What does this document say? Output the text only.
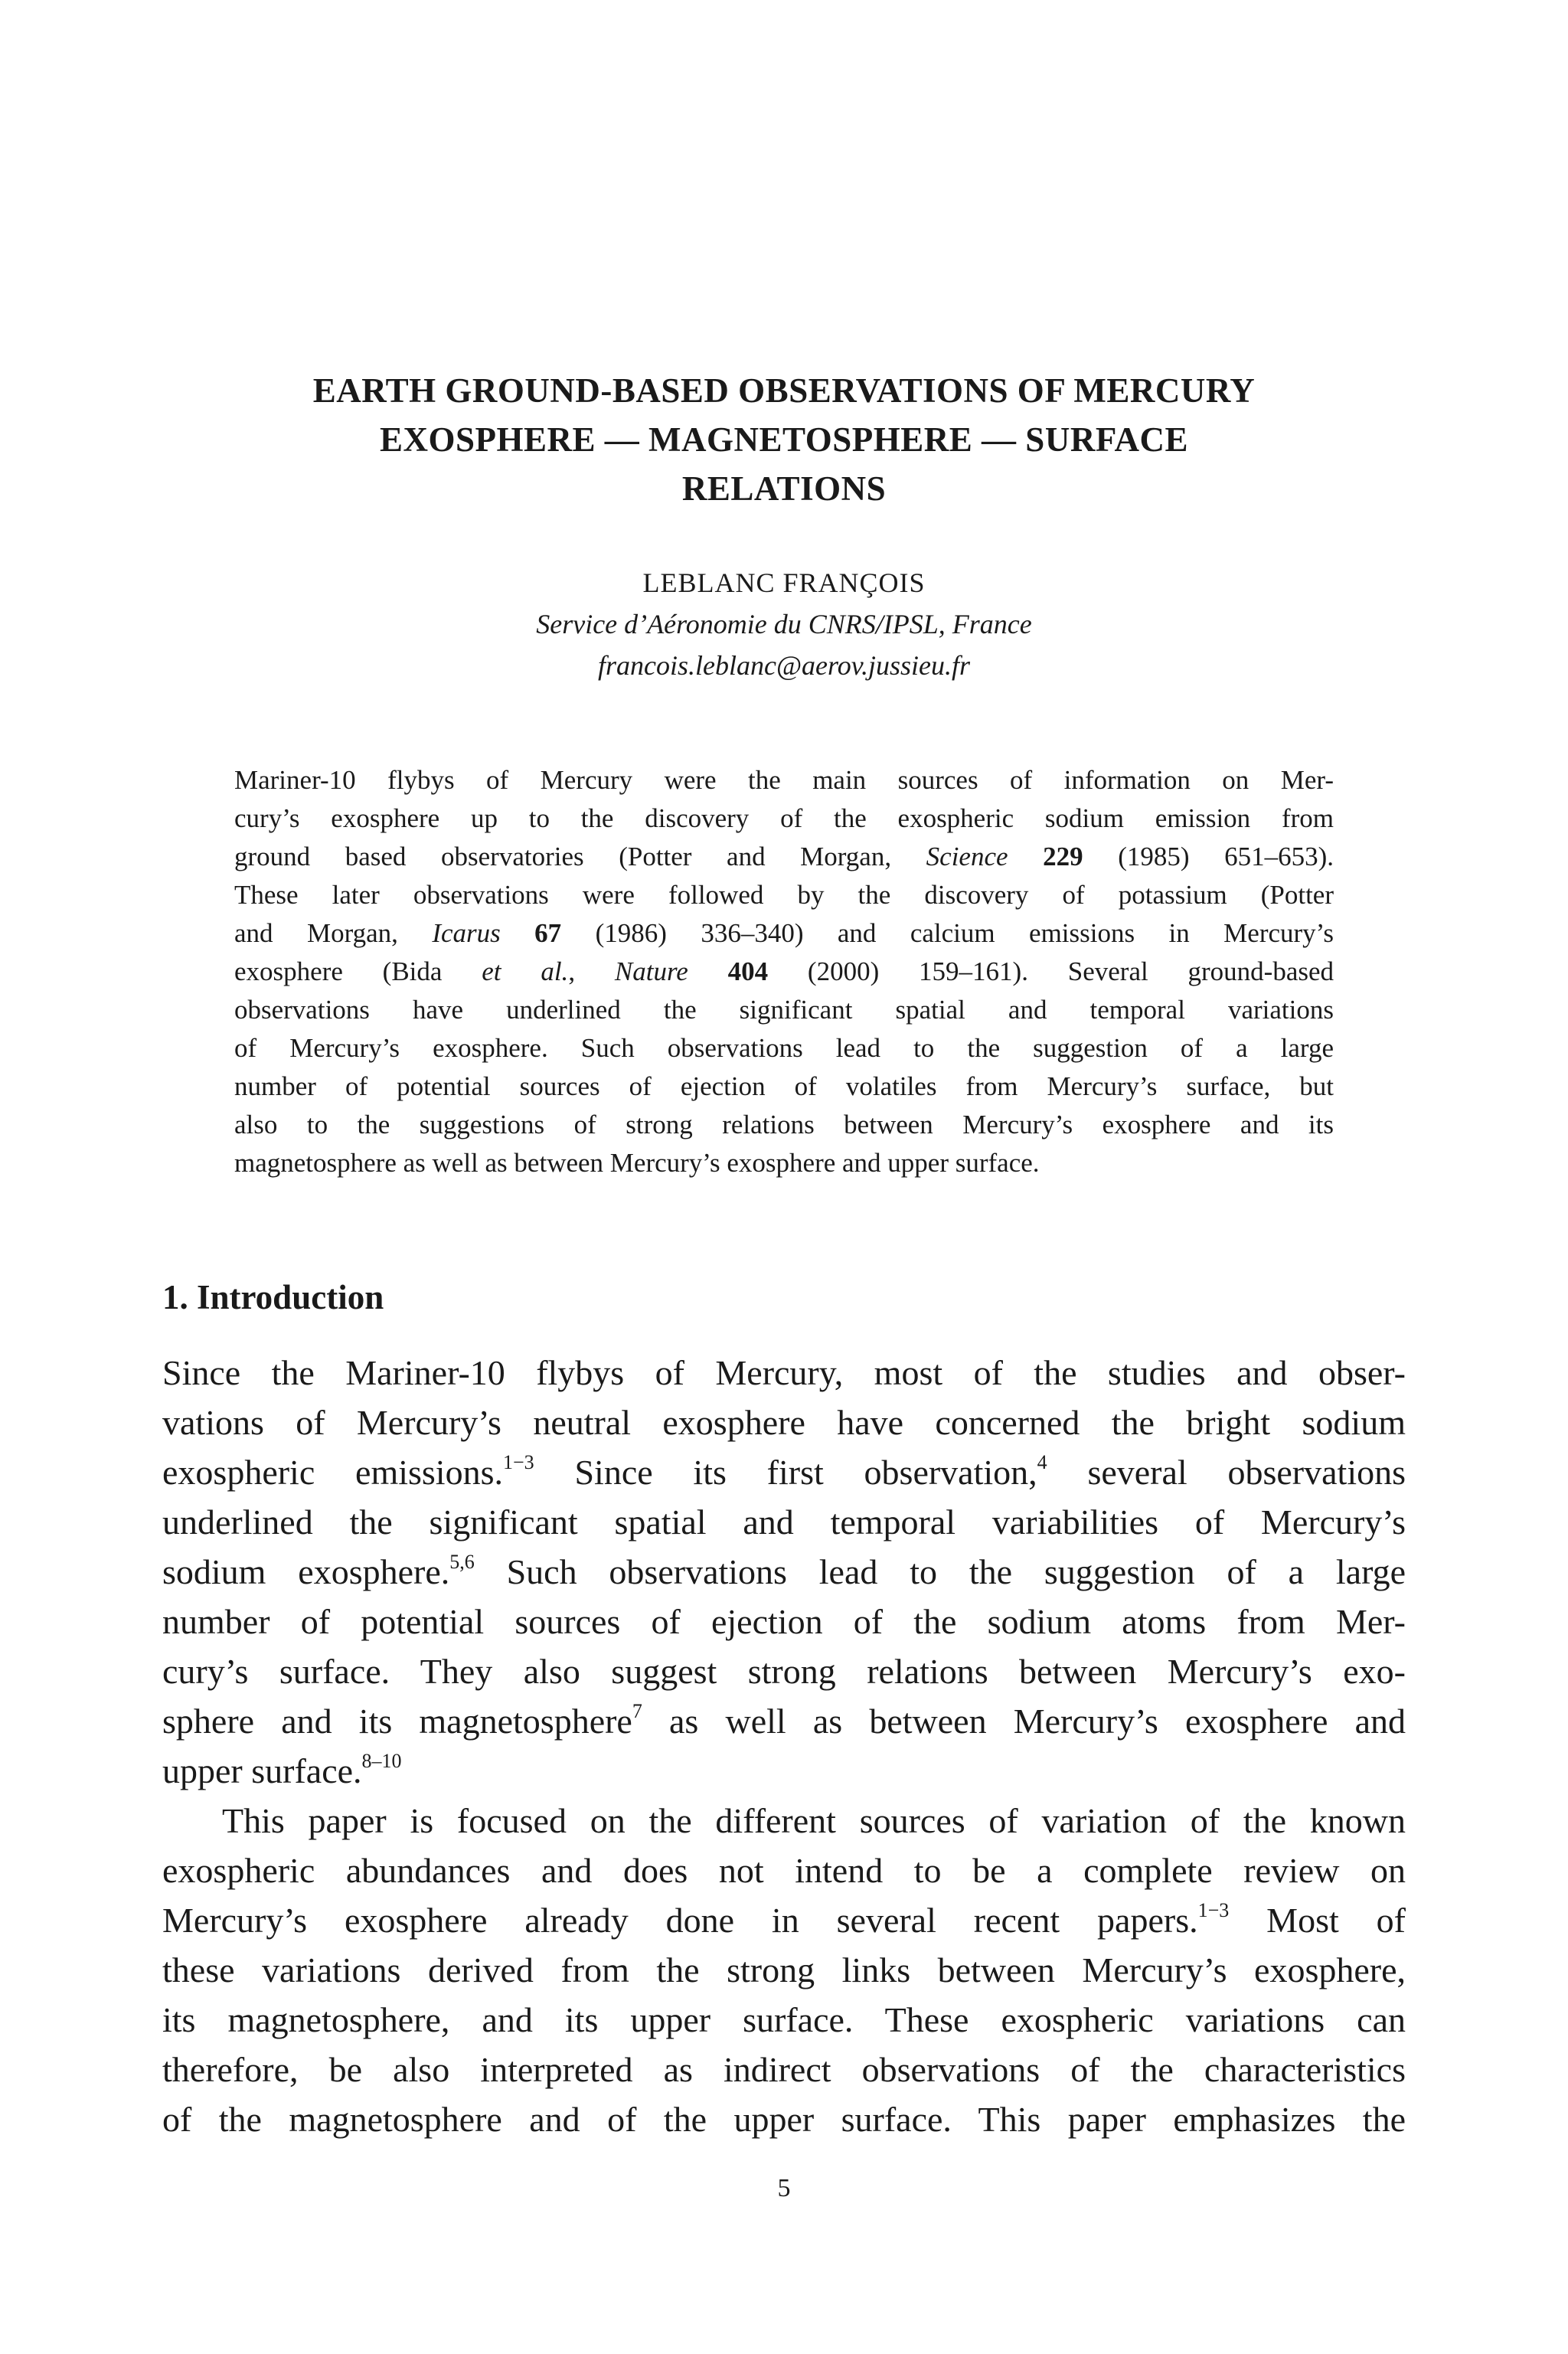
EARTH GROUND-BASED OBSERVATIONS OF MERCURY
EXOSPHERE — MAGNETOSPHERE — SURFACE
RELATIONS
LEBLANC FRANÇOIS
Service d’Aéronomie du CNRS/IPSL, France
francois.leblanc@aerov.jussieu.fr
Mariner-10 flybys of Mercury were the main sources of information on Mer-
cury’s exosphere up to the discovery of the exospheric sodium emission from
ground based observatories (Potter and Morgan, Science 229 (1985) 651–653).
These later observations were followed by the discovery of potassium (Potter
and Morgan, Icarus 67 (1986) 336–340) and calcium emissions in Mercury’s
exosphere (Bida et al., Nature 404 (2000) 159–161). Several ground-based
observations have underlined the significant spatial and temporal variations
of Mercury’s exosphere. Such observations lead to the suggestion of a large
number of potential sources of ejection of volatiles from Mercury’s surface, but
also to the suggestions of strong relations between Mercury’s exosphere and its
magnetosphere as well as between Mercury’s exosphere and upper surface.
1. Introduction
Since the Mariner-10 flybys of Mercury, most of the studies and obser-
vations of Mercury’s neutral exosphere have concerned the bright sodium
exospheric emissions.$^{1-3}$ Since its first observation,$^4$ several observations
underlined the significant spatial and temporal variabilities of Mercury’s
sodium exosphere.$^{5,6}$ Such observations lead to the suggestion of a large
number of potential sources of ejection of the sodium atoms from Mer-
cury’s surface. They also suggest strong relations between Mercury’s exo-
sphere and its magnetosphere$^7$ as well as between Mercury’s exosphere and
upper surface.$^{8-10}$
This paper is focused on the different sources of variation of the known
exospheric abundances and does not intend to be a complete review on
Mercury’s exosphere already done in several recent papers.$^{1-3}$ Most of
these variations derived from the strong links between Mercury’s exosphere,
its magnetosphere, and its upper surface. These exospheric variations can
therefore, be also interpreted as indirect observations of the characteristics
of the magnetosphere and of the upper surface. This paper emphasizes the
5
